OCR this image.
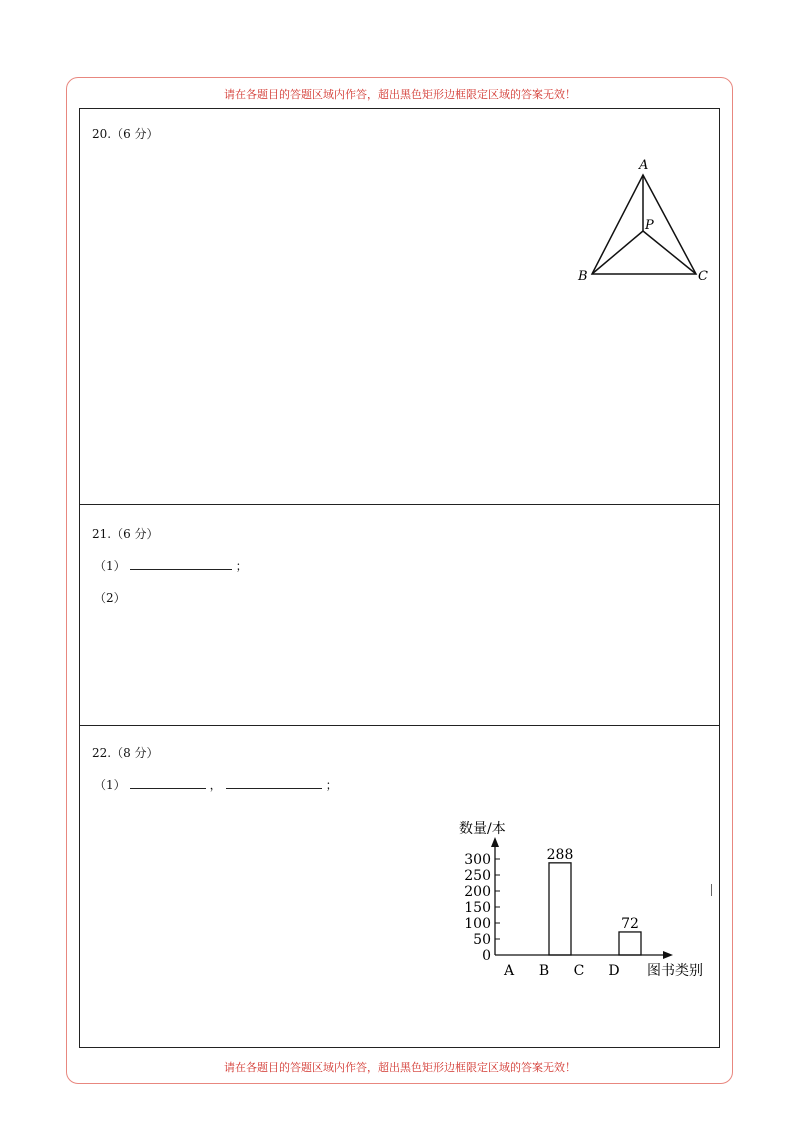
请在各题目的答题区域内作答，超出黑色矩形边框限定区域的答案无效！
20.（6 分）
A
B	C
P
21.（6 分）
（1）	；
（2）
22.（8 分）
（1）	，	；
数量/本
图书类别
0
50
100
150
200
250
300	288
72
A B C D
请在各题目的答题区域内作答，超出黑色矩形边框限定区域的答案无效！
